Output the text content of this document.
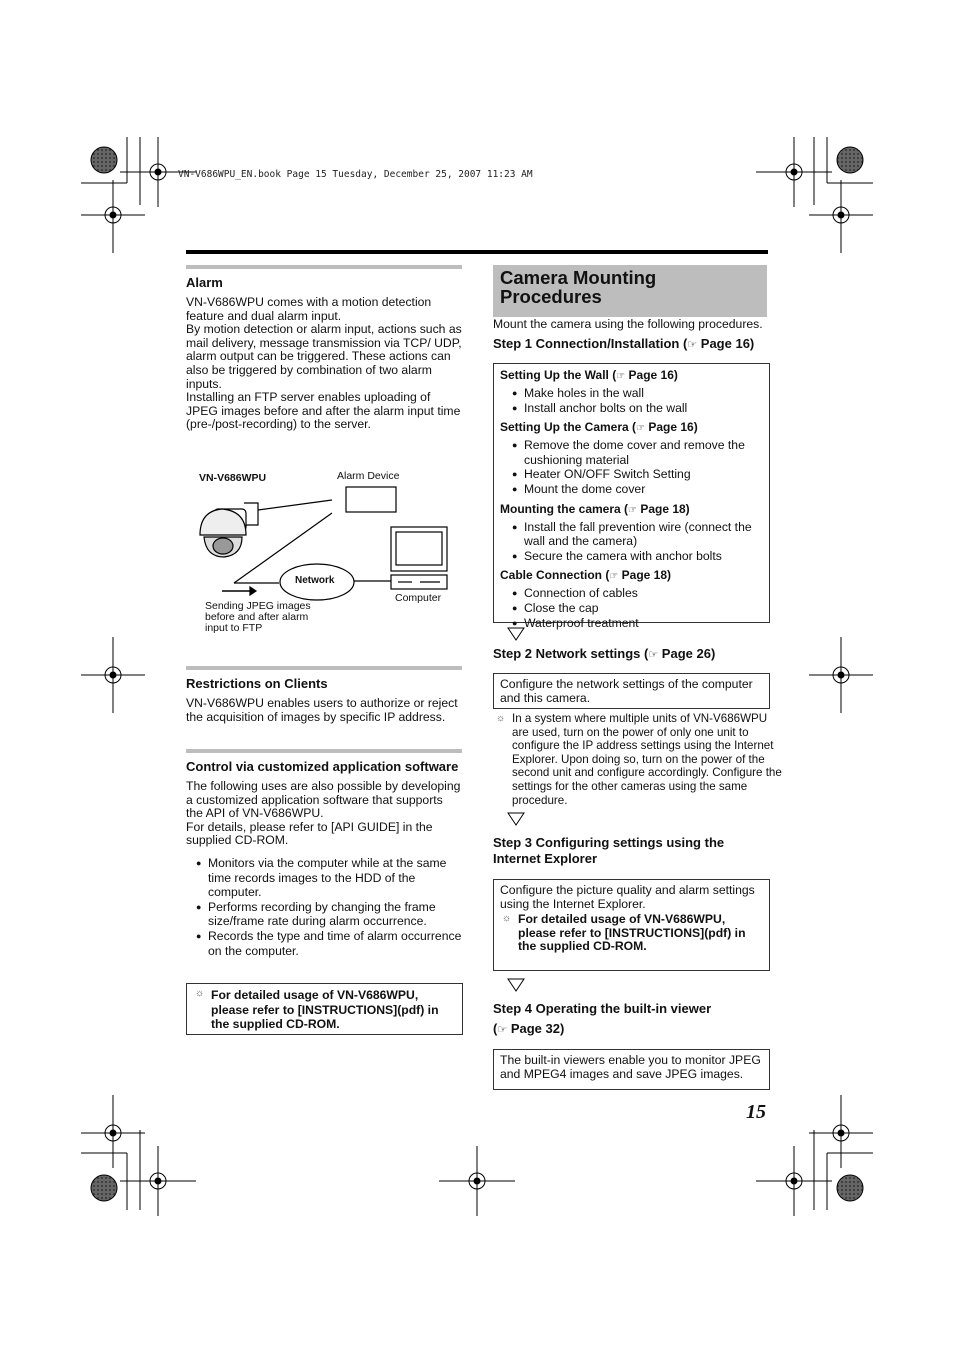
VN-V686WPU_EN.book Page 15 Tuesday, December 25, 2007 11:23 AM
Alarm
VN-V686WPU comes with a motion detection feature and dual alarm input.
By motion detection or alarm input, actions such as mail delivery, message transmission via TCP/ UDP, alarm output can be triggered. These actions can also be triggered by combination of two alarm inputs.
Installing an FTP server enables uploading of JPEG images before and after the alarm input time (pre-/post-recording) to the server.
VN-V686WPU	Alarm Device
Network
Computer
Sending JPEG images
before and after alarm
input to FTP
Restrictions on Clients
VN-V686WPU enables users to authorize or reject the acquisition of images by specific IP address.
Control via customized application software
The following uses are also possible by developing a customized application software that supports the API of VN-V686WPU.
For details, please refer to [API GUIDE] in the supplied CD-ROM.
● Monitors via the computer while at the same time records images to the HDD of the computer.
● Performs recording by changing the frame size/frame rate during alarm occurrence.
● Records the type and time of alarm occurrence on the computer.
☼ For detailed usage of VN-V686WPU, please refer to [INSTRUCTIONS](pdf) in the supplied CD-ROM.
Camera Mounting Procedures
Mount the camera using the following procedures.
Step 1 Connection/Installation (☞ Page 16)
Setting Up the Wall (☞ Page 16)
● Make holes in the wall
● Install anchor bolts on the wall
Setting Up the Camera (☞ Page 16)
● Remove the dome cover and remove the cushioning material
● Heater ON/OFF Switch Setting
● Mount the dome cover
Mounting the camera (☞ Page 18)
● Install the fall prevention wire (connect the wall and the camera)
● Secure the camera with anchor bolts
Cable Connection (☞ Page 18)
● Connection of cables
● Close the cap
● Waterproof treatment
Step 2 Network settings (☞ Page 26)
Configure the network settings of the computer and this camera.
☼ In a system where multiple units of VN-V686WPU are used, turn on the power of only one unit to configure the IP address settings using the Internet Explorer. Upon doing so, turn on the power of the second unit and configure accordingly. Configure the settings for the other cameras using the same procedure.
Step 3 Configuring settings using the Internet Explorer
Configure the picture quality and alarm settings using the Internet Explorer.
☼ For detailed usage of VN-V686WPU, please refer to [INSTRUCTIONS](pdf) in the supplied CD-ROM.
Step 4 Operating the built-in viewer
(☞ Page 32)
The built-in viewers enable you to monitor JPEG and MPEG4 images and save JPEG images.
15
